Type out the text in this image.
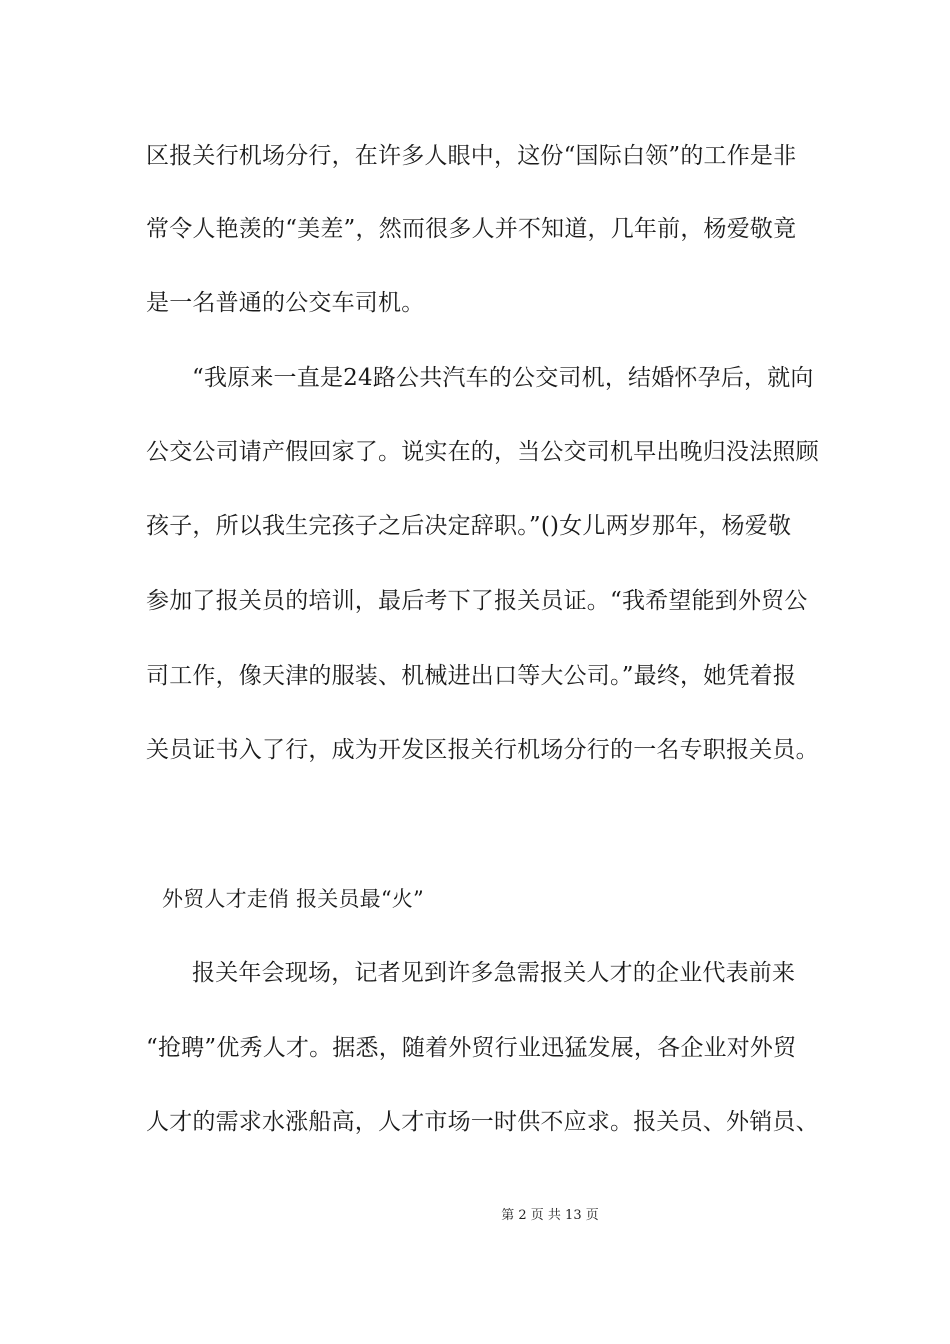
区报关行机场分行，在许多人眼中，这份“国际白领”的工作是非
常令人艳羡的“美差”，然而很多人并不知道，几年前，杨爱敬竟
是一名普通的公交车司机。
“我原来一直是24路公共汽车的公交司机，结婚怀孕后，就向
公交公司请产假回家了。说实在的，当公交司机早出晚归没法照顾
孩子，所以我生完孩子之后决定辞职。”()女儿两岁那年，杨爱敬
参加了报关员的培训，最后考下了报关员证。“我希望能到外贸公
司工作，像天津的服装、机械进出口等大公司。”最终，她凭着报
关员证书入了行，成为开发区报关行机场分行的一名专职报关员。
外贸人才走俏 报关员最“火”
报关年会现场，记者见到许多急需报关人才的企业代表前来
“抢聘”优秀人才。据悉，随着外贸行业迅猛发展，各企业对外贸
人才的需求水涨船高，人才市场一时供不应求。报关员、外销员、
第 2 页 共 13 页
